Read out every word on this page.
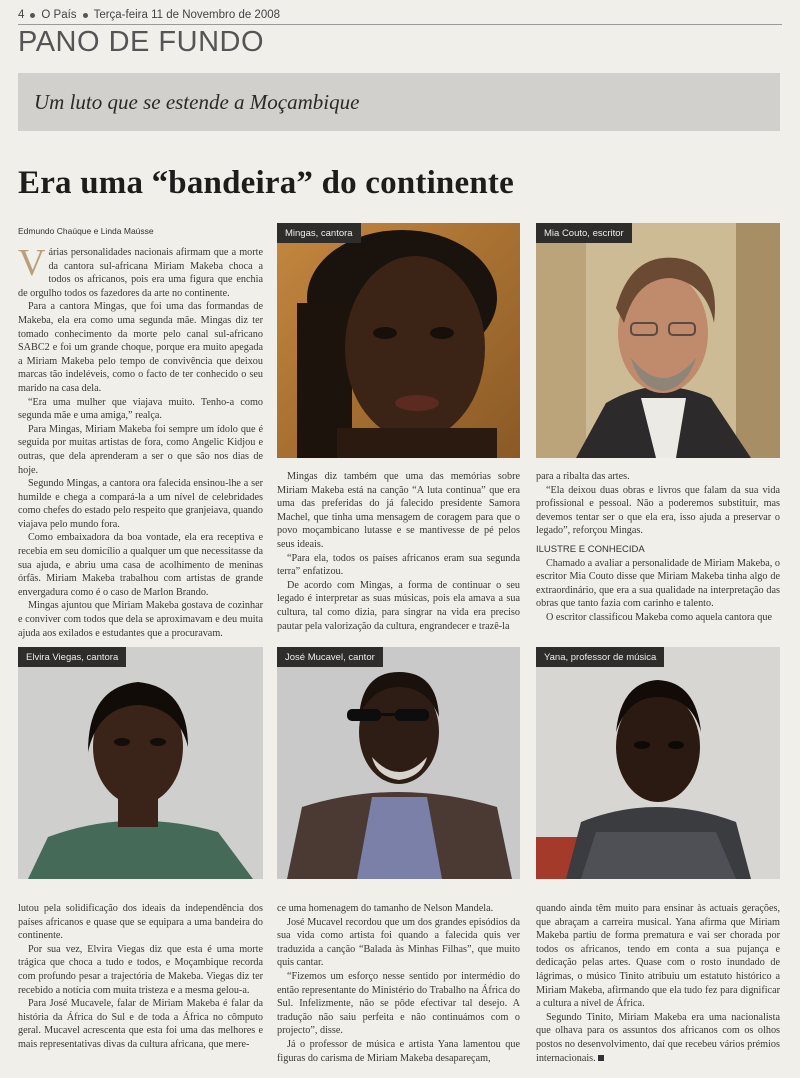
4 O País Terça-feira 11 de Novembro de 2008
PANO DE FUNDO
Um luto que se estende a Moçambique
Era uma “bandeira” do continente
Edmundo Chaúque e Linda Maússe

Várias personalidades nacionais afirmam que a morte da cantora sul-africana Miriam Makeba choca a todos os africanos, pois era uma figura que enchia de orgulho todos os fazedores da arte no continente.

Para a cantora Mingas, que foi uma das formandas de Makeba, ela era como uma segunda mãe. Mingas diz ter tomado conhecimento da morte pelo canal sul-africano SABC2 e foi um grande choque, porque era muito apegada a Miriam Makeba pelo tempo de convivência que deixou marcas tão indeléveis, como o facto de ter conhecido o seu marido na casa dela.

“Era uma mulher que viajava muito. Tenho-a como segunda mãe e uma amiga,” realça.

Para Mingas, Miriam Makeba foi sempre um ídolo que é seguida por muitas artistas de fora, como Angelic Kidjou e outras, que dela aprenderam a ser o que são nos dias de hoje.

Segundo Mingas, a cantora ora falecida ensinou-lhe a ser humilde e chega a compará-la a um nível de celebridades como chefes do estado pelo respeito que granjeiava, quando viajava pelo mundo fora.

Como embaixadora da boa vontade, ela era receptiva e recebia em seu domicílio a qualquer um que necessitasse da sua ajuda, e abriu uma casa de acolhimento de meninas órfãs. Miriam Makeba trabalhou com artistas de grande envergadura como é o caso de Marlon Brando.

Mingas ajuntou que Miriam Makeba gostava de cozinhar e conviver com todos que dela se aproximavam e deu muita ajuda aos exilados e estudantes que a procuravam.

Mingas, cantora	Mia Couto, escritor

Mingas diz também que uma das memórias sobre Miriam Makeba está na canção “A luta continua” que era uma das preferidas do já falecido presidente Samora Machel, que tinha uma mensagem de coragem para que o povo moçambicano lutasse e se mantivesse de pé pelos seus ideais.

“Para ela, todos os países africanos eram sua segunda terra” enfatizou.

De acordo com Mingas, a forma de continuar o seu legado é interpretar as suas músicas, pois ela amava a sua cultura, tal como dizia, para singrar na vida era preciso pautar pela valorização da cultura, engrandecer e trazê-la

para a ribalta das artes.

“Ela deixou duas obras e livros que falam da sua vida profissional e pessoal. Não a poderemos substituir, mas devemos tentar ser o que ela era, isso ajuda a preservar o legado”, reforçou Mingas.

ILUSTRE E CONHECIDA

Chamado a avaliar a personalidade de Miriam Makeba, o escritor Mia Couto disse que Miriam Makeba tinha algo de extraordinário, que era a sua qualidade na interpretação das obras que tanto fazia com carinho e talento.

O escritor classificou Makeba como aquela cantora que

Elvira Viegas, cantora	José Mucavel, cantor	Yana, professor de música

lutou pela solidificação dos ideais da independência dos países africanos e quase que se equipara a uma bandeira do continente.

Por sua vez, Elvira Viegas diz que esta é uma morte trágica que choca a tudo e todos, e Moçambique recorda com profundo pesar a trajectória de Makeba. Viegas diz ter recebido a notícia com muita tristeza e a mesma gelou-a.

Para José Mucavele, falar de Miriam Makeba é falar da história da África do Sul e de toda a África no cômputo geral. Mucavel acrescenta que esta foi uma das melhores e mais representativas divas da cultura africana, que mere-

ce uma homenagem do tamanho de Nelson Mandela.

José Mucavel recordou que um dos grandes episódios da sua vida como artista foi quando a falecida quis ver traduzida a canção “Balada às Minhas Filhas”, que muito quis cantar.

“Fizemos um esforço nesse sentido por intermédio do então representante do Ministério do Trabalho na África do Sul. Infelizmente, não se pôde efectivar tal desejo. A tradução não saiu perfeita e não continuámos com o projecto”, disse.

Já o professor de música e artista Yana lamentou que figuras do carisma de Miriam Makeba desapareçam,

quando ainda têm muito para ensinar às actuais gerações, que abraçam a carreira musical. Yana afirma que Miriam Makeba partiu de forma prematura e vai ser chorada por todos os africanos, tendo em conta a sua pujança e dedicação pelas artes. Quase com o rosto inundado de lágrimas, o músico Tinito atribuiu um estatuto histórico a Miriam Makeba, afirmando que ela tudo fez para dignificar a cultura a nível de África.

Segundo Tinito, Miriam Makeba era uma nacionalista que olhava para os assuntos dos africanos com os olhos postos no desenvolvimento, daí que recebeu vários prémios internacionais.
